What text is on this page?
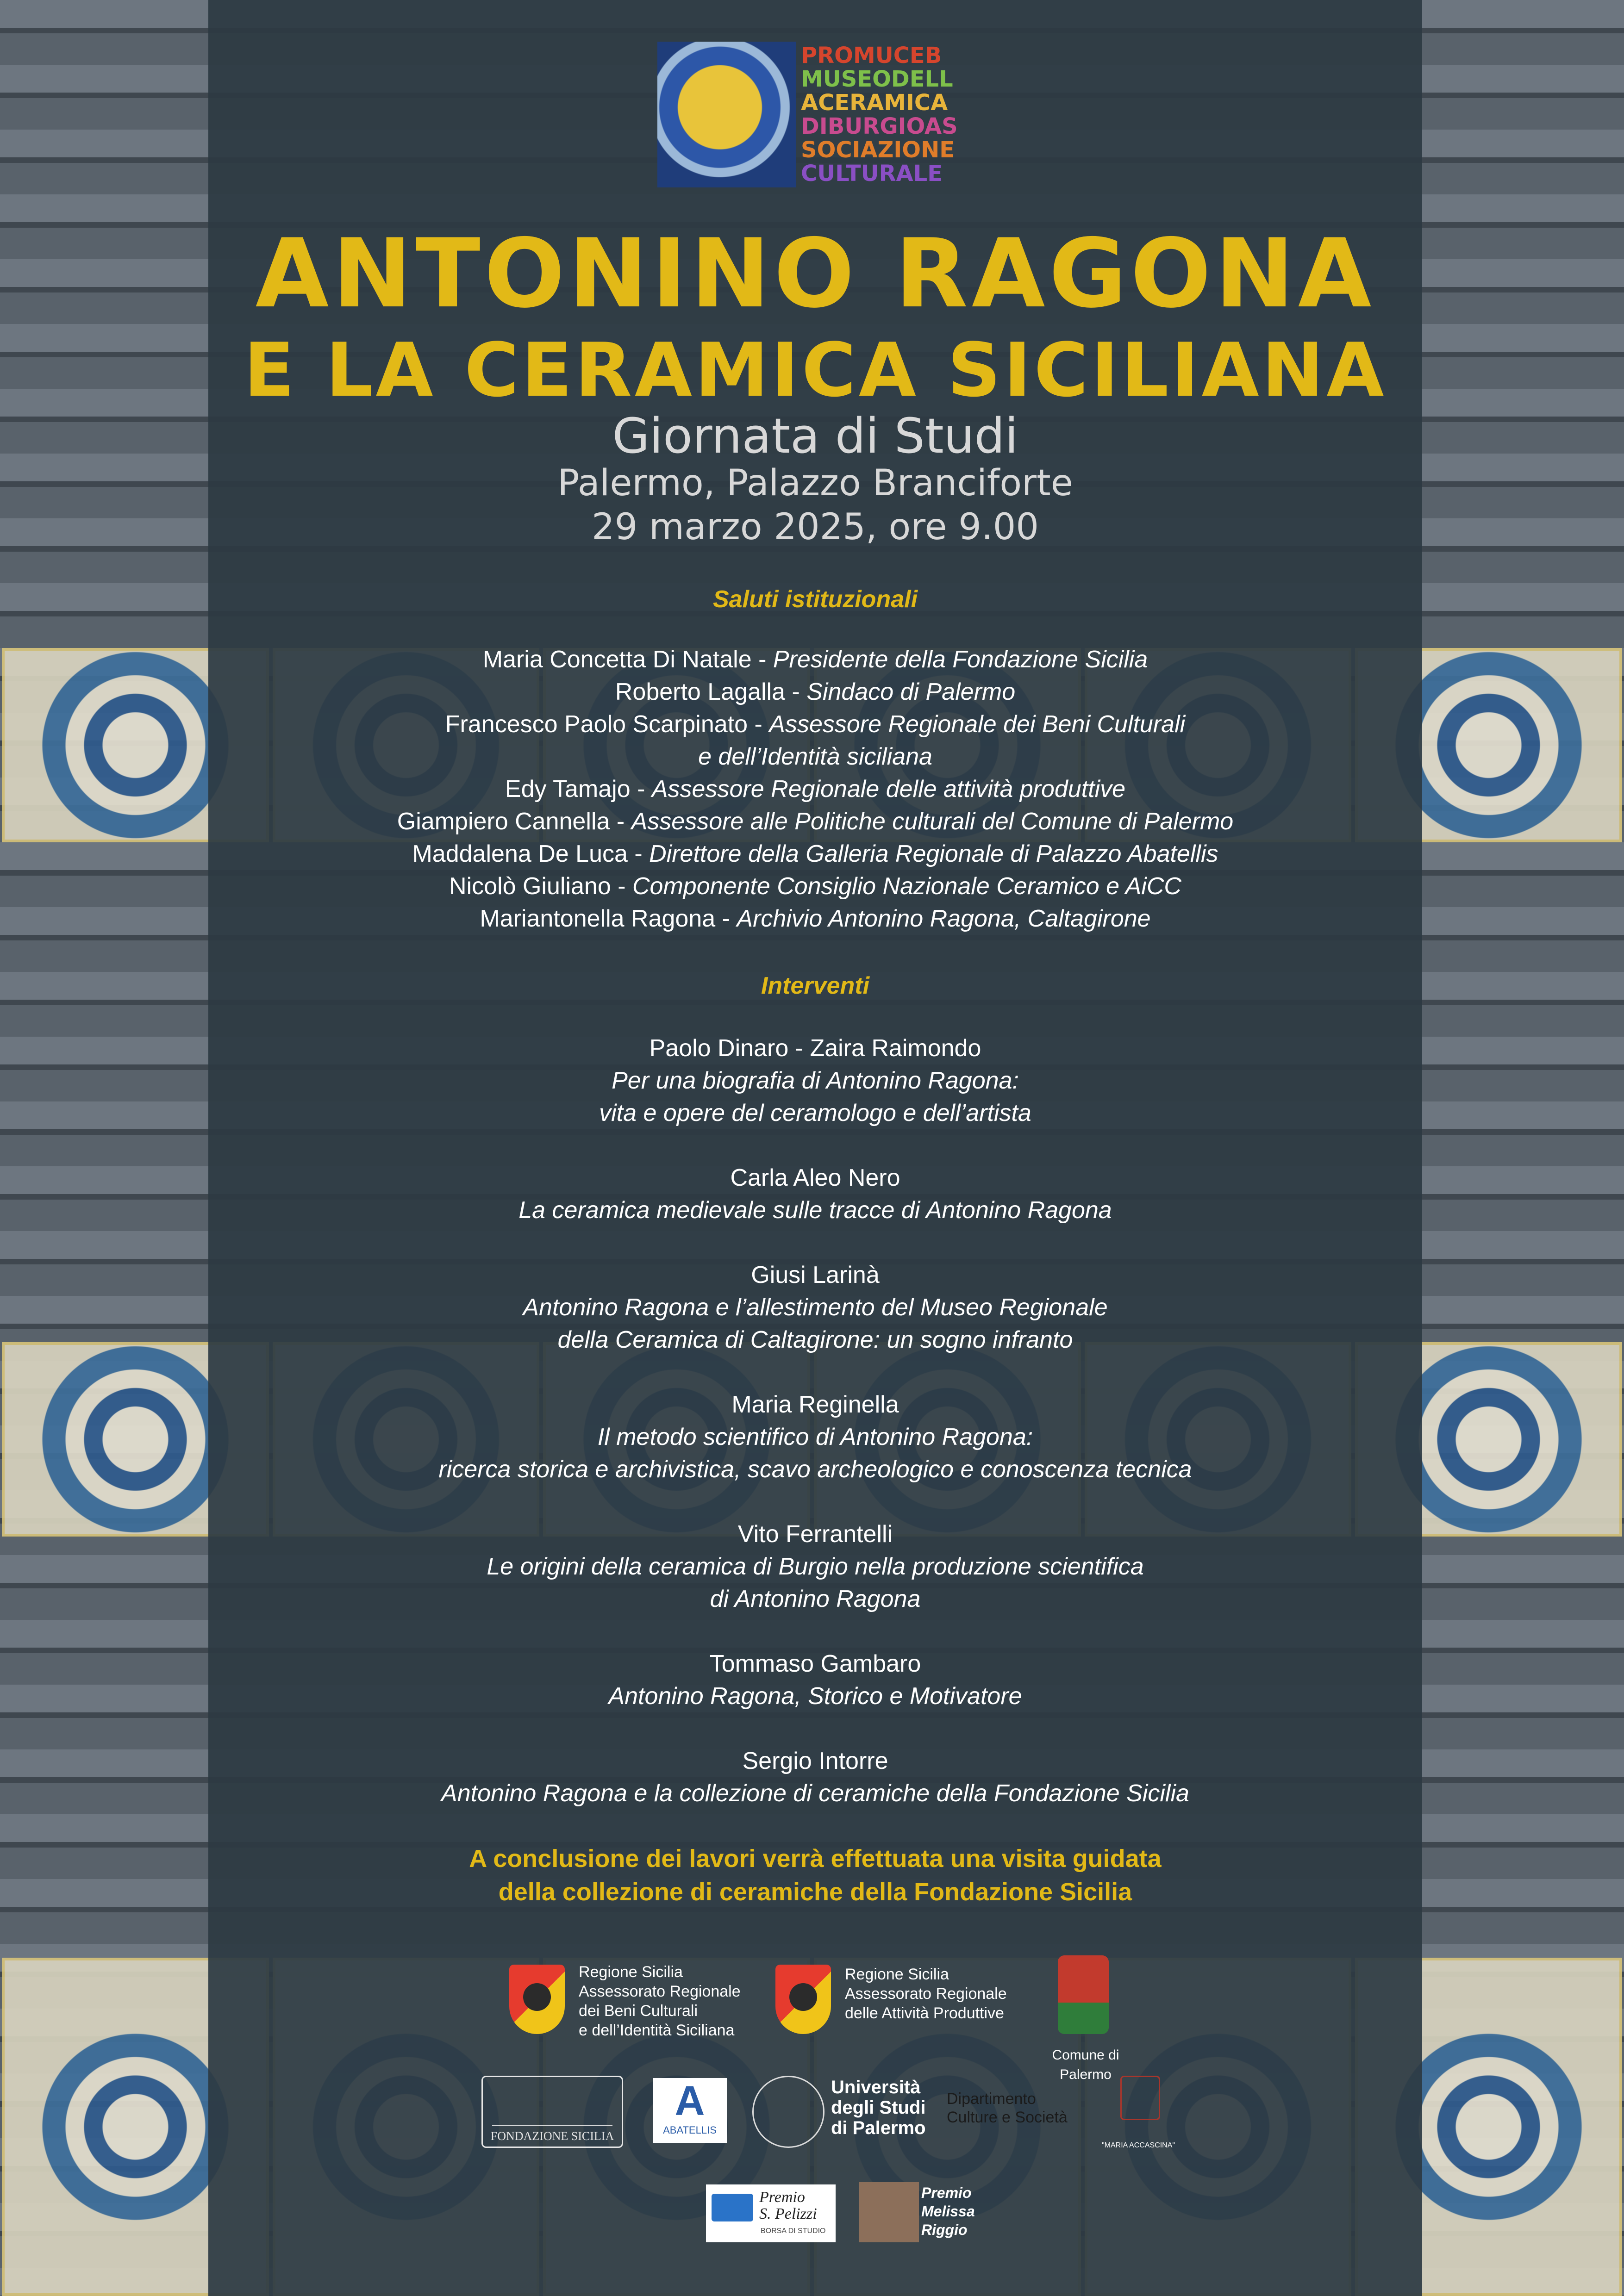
PROMUCEB
MUSEODELL
ACERAMICA
DIBURGIOAS
SOCIAZIONE
CULTURALE
ANTONINO RAGONA
E LA CERAMICA SICILIANA
Giornata di Studi
Palermo, Palazzo Branciforte
29 marzo 2025, ore 9.00
Saluti istituzionali
Maria Concetta Di Natale - Presidente della Fondazione Sicilia
Roberto Lagalla - Sindaco di Palermo
Francesco Paolo Scarpinato - Assessore Regionale dei Beni Culturali
e dell’Identità siciliana
Edy Tamajo - Assessore Regionale delle attività produttive
Giampiero Cannella - Assessore alle Politiche culturali del Comune di Palermo
Maddalena De Luca - Direttore della Galleria Regionale di Palazzo Abatellis
Nicolò Giuliano - Componente Consiglio Nazionale Ceramico e AiCC
Mariantonella Ragona - Archivio Antonino Ragona, Caltagirone
Interventi
Paolo Dinaro - Zaira Raimondo
Per una biografia di Antonino Ragona:
vita e opere del ceramologo e dell’artista
Carla Aleo Nero
La ceramica medievale sulle tracce di Antonino Ragona
Giusi Larinà
Antonino Ragona e l’allestimento del Museo Regionale
della Ceramica di Caltagirone: un sogno infranto
Maria Reginella
Il metodo scientifico di Antonino Ragona:
ricerca storica e archivistica, scavo archeologico e conoscenza tecnica
Vito Ferrantelli
Le origini della ceramica di Burgio nella produzione scientifica
di Antonino Ragona
Tommaso Gambaro
Antonino Ragona, Storico e Motivatore
Sergio Intorre
Antonino Ragona e la collezione di ceramiche della Fondazione Sicilia
A conclusione dei lavori verrà effettuata una visita guidata
della collezione di ceramiche della Fondazione Sicilia
Regione Sicilia
Assessorato Regionale
dei Beni Culturali
e dell’Identità Siciliana
Regione Sicilia
Assessorato Regionale
delle Attività Produttive
Comune di Palermo
FONDAZIONE SICILIA
A
ABATELLIS
Università
degli Studi
di Palermo
Dipartimento
Culture e Società
"MARIA ACCASCINA"
Premio
S. Pelizzi
BORSA DI STUDIO
Premio
Melissa
Riggio
